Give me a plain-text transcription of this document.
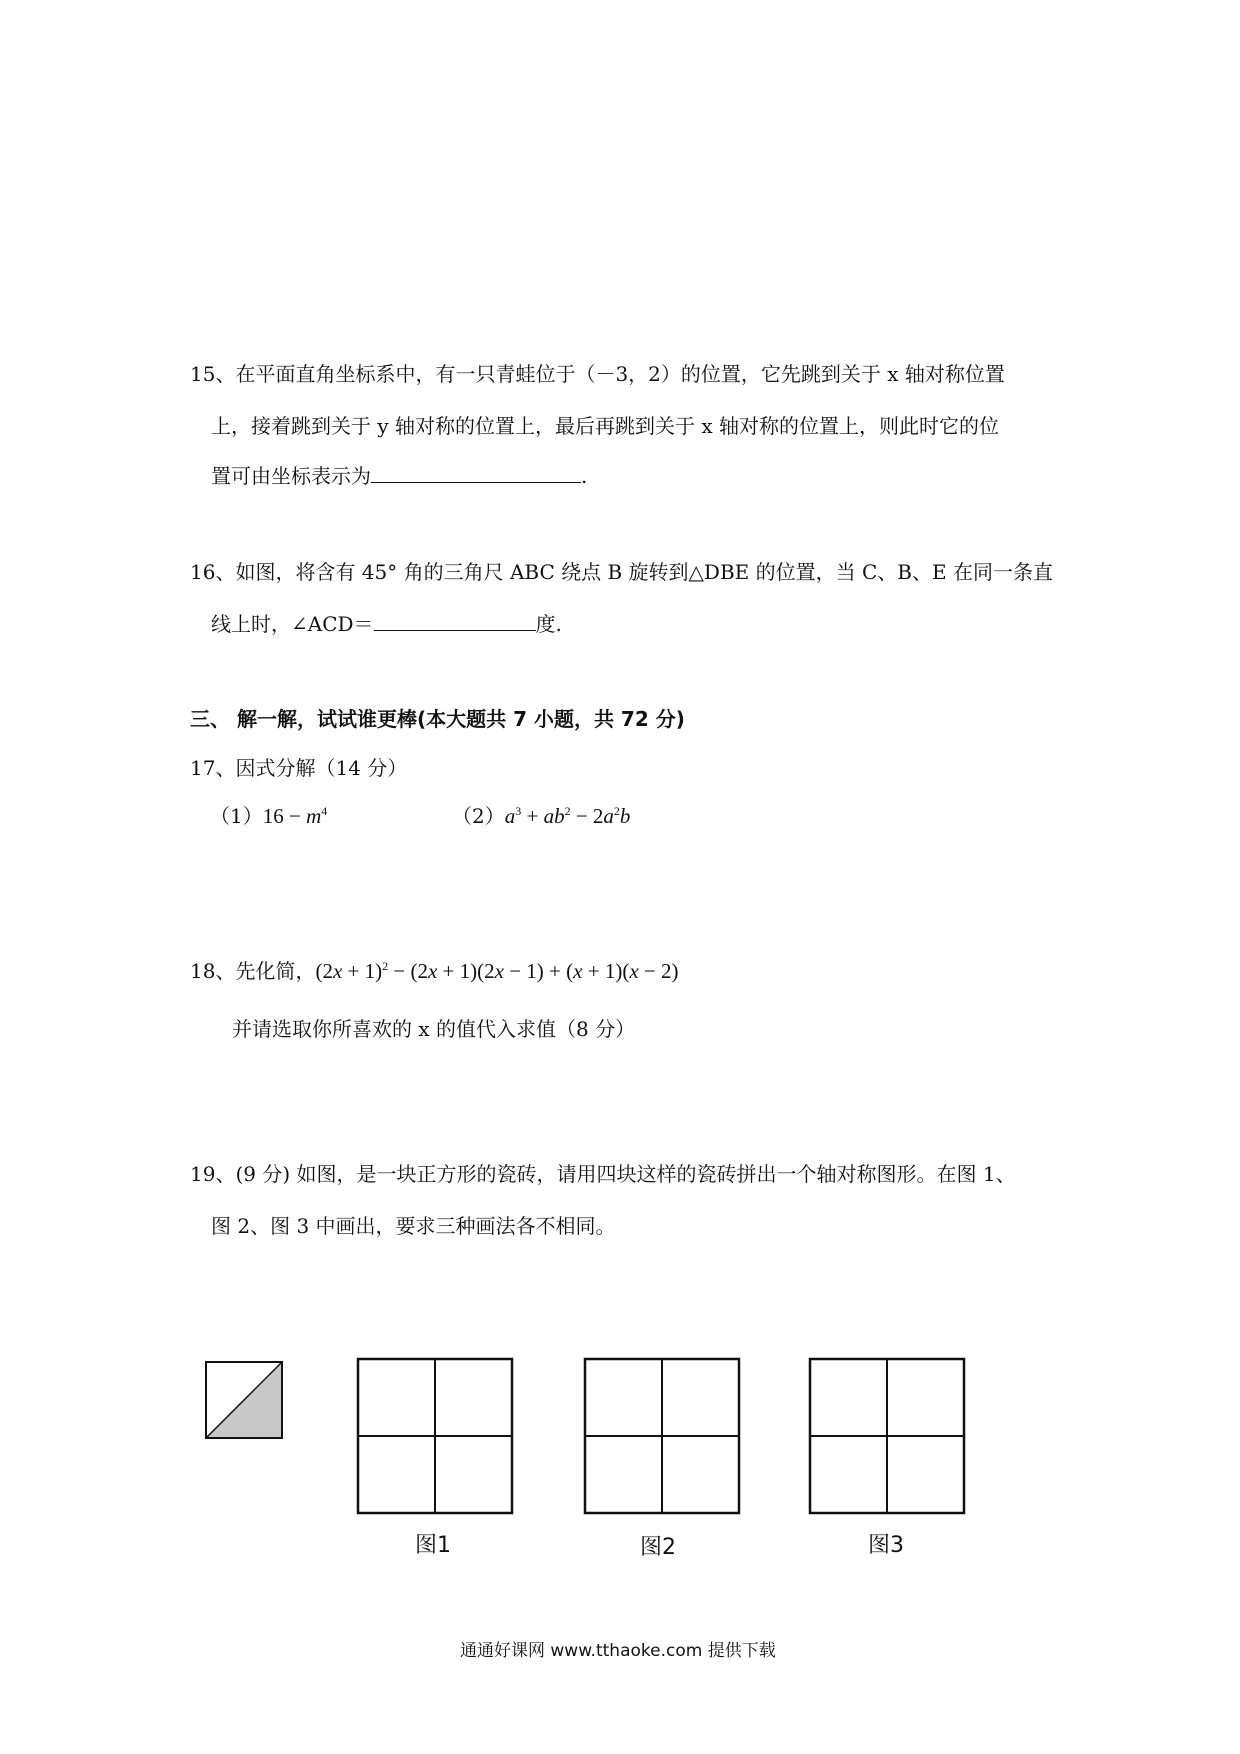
15、在平面直角坐标系中，有一只青蛙位于（－3，2）的位置，它先跳到关于 x 轴对称位置
上，接着跳到关于 y 轴对称的位置上，最后再跳到关于 x 轴对称的位置上，则此时它的位
置可由坐标表示为	.
16、如图，将含有 45° 角的三角尺 ABC 绕点 B 旋转到△DBE 的位置，当 C、B、E 在同一条直
线上时，∠ACD＝	度.
三、 解一解，试试谁更棒(本大题共 7 小题，共 72 分)
17、因式分解（14 分）
$(1)16 - m^4$	$(2)a^3 + ab^2 - 2a^2b$
18、先化简，$(2x + 1)^2 - (2x + 1)(2x - 1) + (x + 1)(x - 2)$
并请选取你所喜欢的 x 的值代入求值（8 分）
19、(9 分) 如图，是一块正方形的瓷砖，请用四块这样的瓷砖拼出一个轴对称图形。在图 1、
图 2、图 3 中画出，要求三种画法各不相同。
图1	图2	图3
通通好课网 www.tthaoke.com 提供下载
